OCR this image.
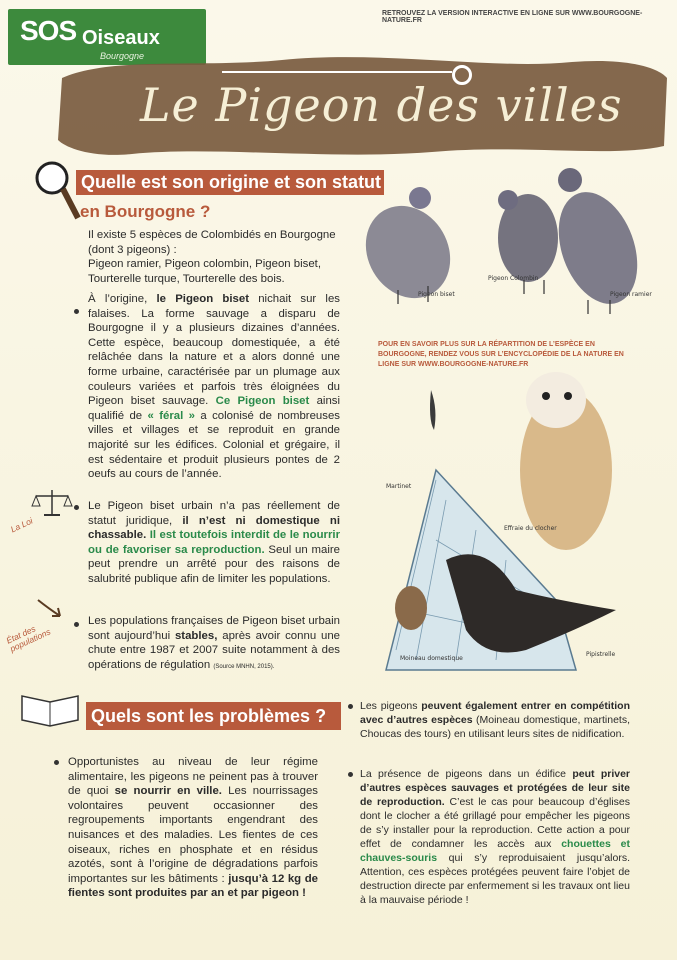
SOS Oiseaux
Bourgogne
RETROUVEZ LA VERSION INTERACTIVE EN LIGNE SUR WWW.BOURGOGNE-NATURE.FR
Le Pigeon des villes
Quelle est son origine et son statut
en Bourgogne ?
Il existe 5 espèces de Colombidés en Bourgogne
(dont 3 pigeons) :
Pigeon ramier, Pigeon colombin, Pigeon biset,
Tourterelle turque, Tourterelle des bois.
À l’origine, le Pigeon biset nichait sur les falaises. La forme sauvage a disparu de Bourgogne il y a plusieurs dizaines d’années. Cette espèce, beaucoup domestiquée, a été relâchée dans la nature et a alors donné une forme urbaine, caractérisée par un plumage aux couleurs variées et parfois très éloignées du Pigeon biset sauvage. Ce Pigeon biset ainsi qualifié de « féral » a colonisé de nombreuses villes et villages et se reproduit en grande majorité sur les édifices. Colonial et grégaire, il est sédentaire et produit plusieurs pontes de 2 oeufs au cours de l’année.
La Loi
Le Pigeon biset urbain n’a pas réellement de statut juridique, il n’est ni domestique ni chassable. Il est toutefois interdit de le nourrir ou de favoriser sa reproduction. Seul un maire peut prendre un arrêté pour des raisons de salubrité publique afin de limiter les populations.
État des populations
Les populations françaises de Pigeon biset urbain sont aujourd’hui stables, après avoir connu une chute entre 1987 et 2007 suite notamment à des opérations de régulation (Source MNHN, 2015).
Pigeon biset
Pigeon Colombin
Pigeon ramier
POUR EN SAVOIR PLUS SUR LA RÉPARTITION DE L’ESPÈCE EN BOURGOGNE, RENDEZ VOUS SUR L’ENCYCLOPÉDIE DE LA NATURE EN LIGNE SUR WWW.BOURGOGNE-NATURE.FR
Martinet
Effraie du clocher
Moineau domestique
Pipistrelle
Quels sont les problèmes ?
Opportunistes au niveau de leur régime alimentaire, les pigeons ne peinent pas à trouver de quoi se nourrir en ville. Les nourrissages volontaires peuvent occasionner des regroupements importants engendrant des nuisances et des maladies. Les fientes de ces oiseaux, riches en phosphate et en résidus azotés, sont à l’origine de dégradations parfois importantes sur les bâtiments : jusqu’à 12 kg de fientes sont produites par an et par pigeon !
Les pigeons peuvent également entrer en compétition avec d’autres espèces (Moineau domestique, martinets, Choucas des tours) en utilisant leurs sites de nidification.
La présence de pigeons dans un édifice peut priver d’autres espèces sauvages et protégées de leur site de reproduction. C’est le cas pour beaucoup d’églises dont le clocher a été grillagé pour empêcher les pigeons de s’y installer pour la reproduction. Cette action a pour effet de condamner les accès aux chouettes et chauves-souris qui s’y reproduisaient jusqu’alors. Attention, ces espèces protégées peuvent faire l’objet de destruction directe par enfermement si les travaux ont lieu à la mauvaise période !
